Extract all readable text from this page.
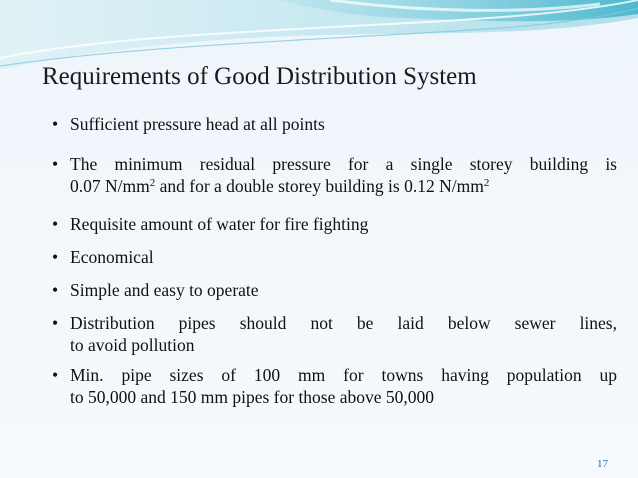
Requirements of Good Distribution System
• Sufficient pressure head at all points
• The minimum residual pressure for a single storey building is
0.07 $N/mm^2$ and for a double storey building is 0.12 $N/mm^2$
• Requisite amount of water for fire fighting
• Economical
• Simple and easy to operate
• Distribution pipes should not be laid below sewer lines,
to avoid pollution
• Min. pipe sizes of 100 mm for towns having population up
to 50,000 and 150 mm pipes for those above 50,000
17
